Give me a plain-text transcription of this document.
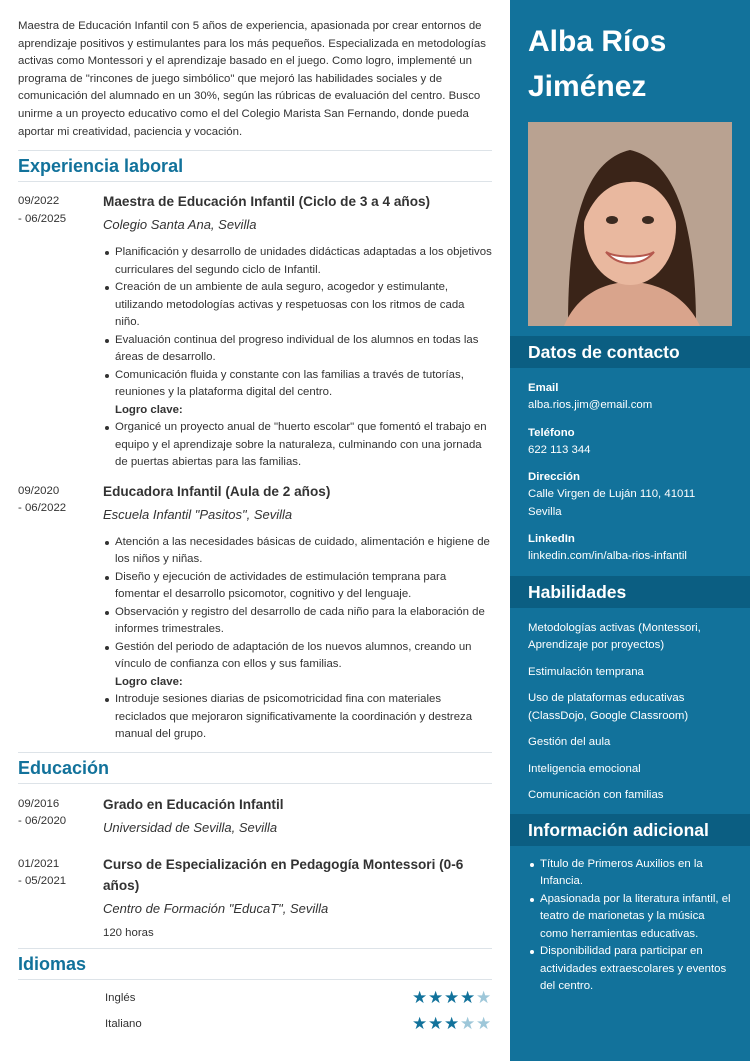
Maestra de Educación Infantil con 5 años de experiencia, apasionada por crear entornos de aprendizaje positivos y estimulantes para los más pequeños. Especializada en metodologías activas como Montessori y el aprendizaje basado en el juego. Como logro, implementé un programa de "rincones de juego simbólico" que mejoró las habilidades sociales y de comunicación del alumnado en un 30%, según las rúbricas de evaluación del centro. Busco unirme a un proyecto educativo como el del Colegio Marista San Fernando, donde pueda aportar mi creatividad, paciencia y vocación.

Experiencia laboral
09/2022
- 06/2025
Maestra de Educación Infantil (Ciclo de 3 a 4 años)
Colegio Santa Ana, Sevilla
Planificación y desarrollo de unidades didácticas adaptadas a los objetivos curriculares del segundo ciclo de Infantil.
Creación de un ambiente de aula seguro, acogedor y estimulante, utilizando metodologías activas y respetuosas con los ritmos de cada niño.
Evaluación continua del progreso individual de los alumnos en todas las áreas de desarrollo.
Comunicación fluida y constante con las familias a través de tutorías, reuniones y la plataforma digital del centro.
Logro clave:
Organicé un proyecto anual de "huerto escolar" que fomentó el trabajo en equipo y el aprendizaje sobre la naturaleza, culminando con una jornada de puertas abiertas para las familias.
09/2020
- 06/2022
Educadora Infantil (Aula de 2 años)
Escuela Infantil "Pasitos", Sevilla
Atención a las necesidades básicas de cuidado, alimentación e higiene de los niños y niñas.
Diseño y ejecución de actividades de estimulación temprana para fomentar el desarrollo psicomotor, cognitivo y del lenguaje.
Observación y registro del desarrollo de cada niño para la elaboración de informes trimestrales.
Gestión del periodo de adaptación de los nuevos alumnos, creando un vínculo de confianza con ellos y sus familias.
Logro clave:
Introduje sesiones diarias de psicomotricidad fina con materiales reciclados que mejoraron significativamente la coordinación y destreza manual del grupo.
Educación
09/2016
- 06/2020
Grado en Educación Infantil
Universidad de Sevilla, Sevilla
01/2021
- 05/2021
Curso de Especialización en Pedagogía Montessori (0-6 años)
Centro de Formación "EducaT", Sevilla
120 horas
Idiomas
Inglés	★ ★ ★ ★ ★
Italiano	★ ★ ★ ★ ★
Alba Ríos
Jiménez
Datos de contacto
Email
alba.rios.jim@email.com
Teléfono
622 113 344
Dirección
Calle Virgen de Luján 110, 41011
Sevilla
LinkedIn
linkedin.com/in/alba-rios-infantil
Habilidades
Metodologías activas (Montessori, Aprendizaje por proyectos)
Estimulación temprana
Uso de plataformas educativas (ClassDojo, Google Classroom)
Gestión del aula
Inteligencia emocional
Comunicación con familias
Información adicional
Título de Primeros Auxilios en la Infancia.
Apasionada por la literatura infantil, el teatro de marionetas y la música como herramientas educativas.
Disponibilidad para participar en actividades extraescolares y eventos del centro.
